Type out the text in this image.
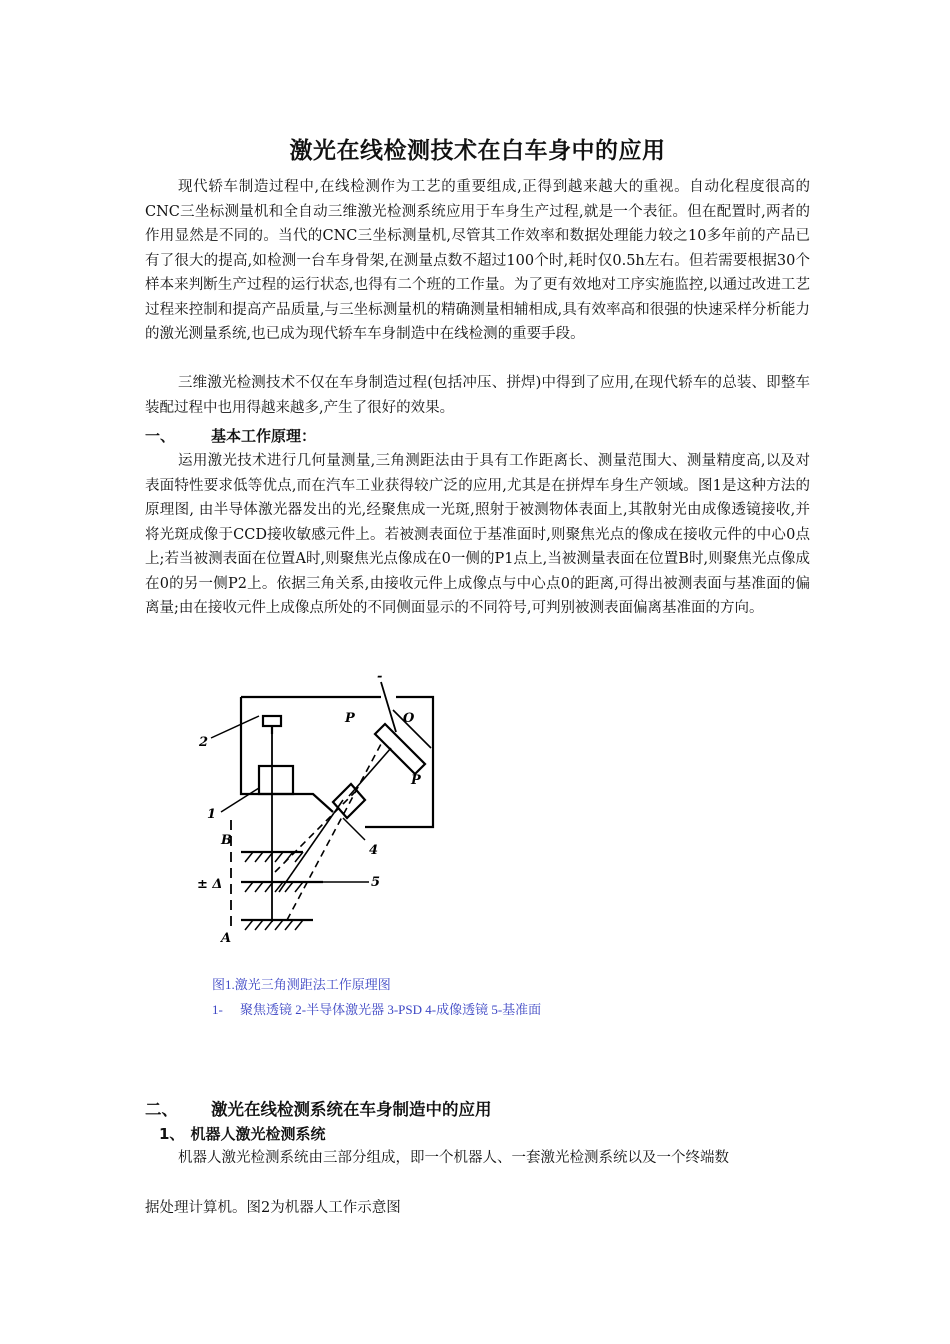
激光在线检测技术在白车身中的应用

现代轿车制造过程中,在线检测作为工艺的重要组成,正得到越来越大的重视。自动化程度很高的CNC三坐标测量机和全自动三维激光检测系统应用于车身生产过程,就是一个表征。但在配置时,两者的作用显然是不同的。当代的CNC三坐标测量机,尽管其工作效率和数据处理能力较之10多年前的产品已有了很大的提高,如检测一台车身骨架,在测量点数不超过100个时,耗时仅0.5h左右。但若需要根据30个样本来判断生产过程的运行状态,也得有二个班的工作量。为了更有效地对工序实施监控,以通过改进工艺过程来控制和提高产品质量,与三坐标测量机的精确测量相辅相成,具有效率高和很强的快速采样分析能力的激光测量系统,也已成为现代轿车车身制造中在线检测的重要手段。

三维激光检测技术不仅在车身制造过程(包括冲压、拼焊)中得到了应用,在现代轿车的总装、即整车装配过程中也用得越来越多,产生了很好的效果。

一、 基本工作原理：

运用激光技术进行几何量测量,三角测距法由于具有工作距离长、测量范围大、测量精度高,以及对表面特性要求低等优点,而在汽车工业获得较广泛的应用,尤其是在拼焊车身生产领域。图1是这种方法的原理图, 由半导体激光器发出的光,经聚焦成一光斑,照射于被测物体表面上,其散射光由成像透镜接收,并将光斑成像于CCD接收敏感元件上。若被测表面位于基准面时,则聚焦光点的像成在接收元件的中心0点上;若当被测表面在位置A时,则聚焦光点像成在0一侧的P1点上,当被测量表面在位置B时,则聚焦光点像成在0的另一侧P2上。依据三角关系,由接收元件上成像点与中心点0的距离,可得出被测表面与基准面的偏离量;由在接收元件上成像点所处的不同侧面显示的不同符号,可判别被测表面偏离基准面的方向。

2
1
4
5
B
A
± Δ
P	O
P
-
图1.激光三角测距法工作原理图
1- 聚焦透镜 2-半导体激光器 3-PSD 4-成像透镜 5-基准面
二、 激光在线检测系统在车身制造中的应用
1、 机器人激光检测系统

机器人激光检测系统由三部分组成，即一个机器人、一套激光检测系统以及一个终端数

据处理计算机。图2为机器人工作示意图
